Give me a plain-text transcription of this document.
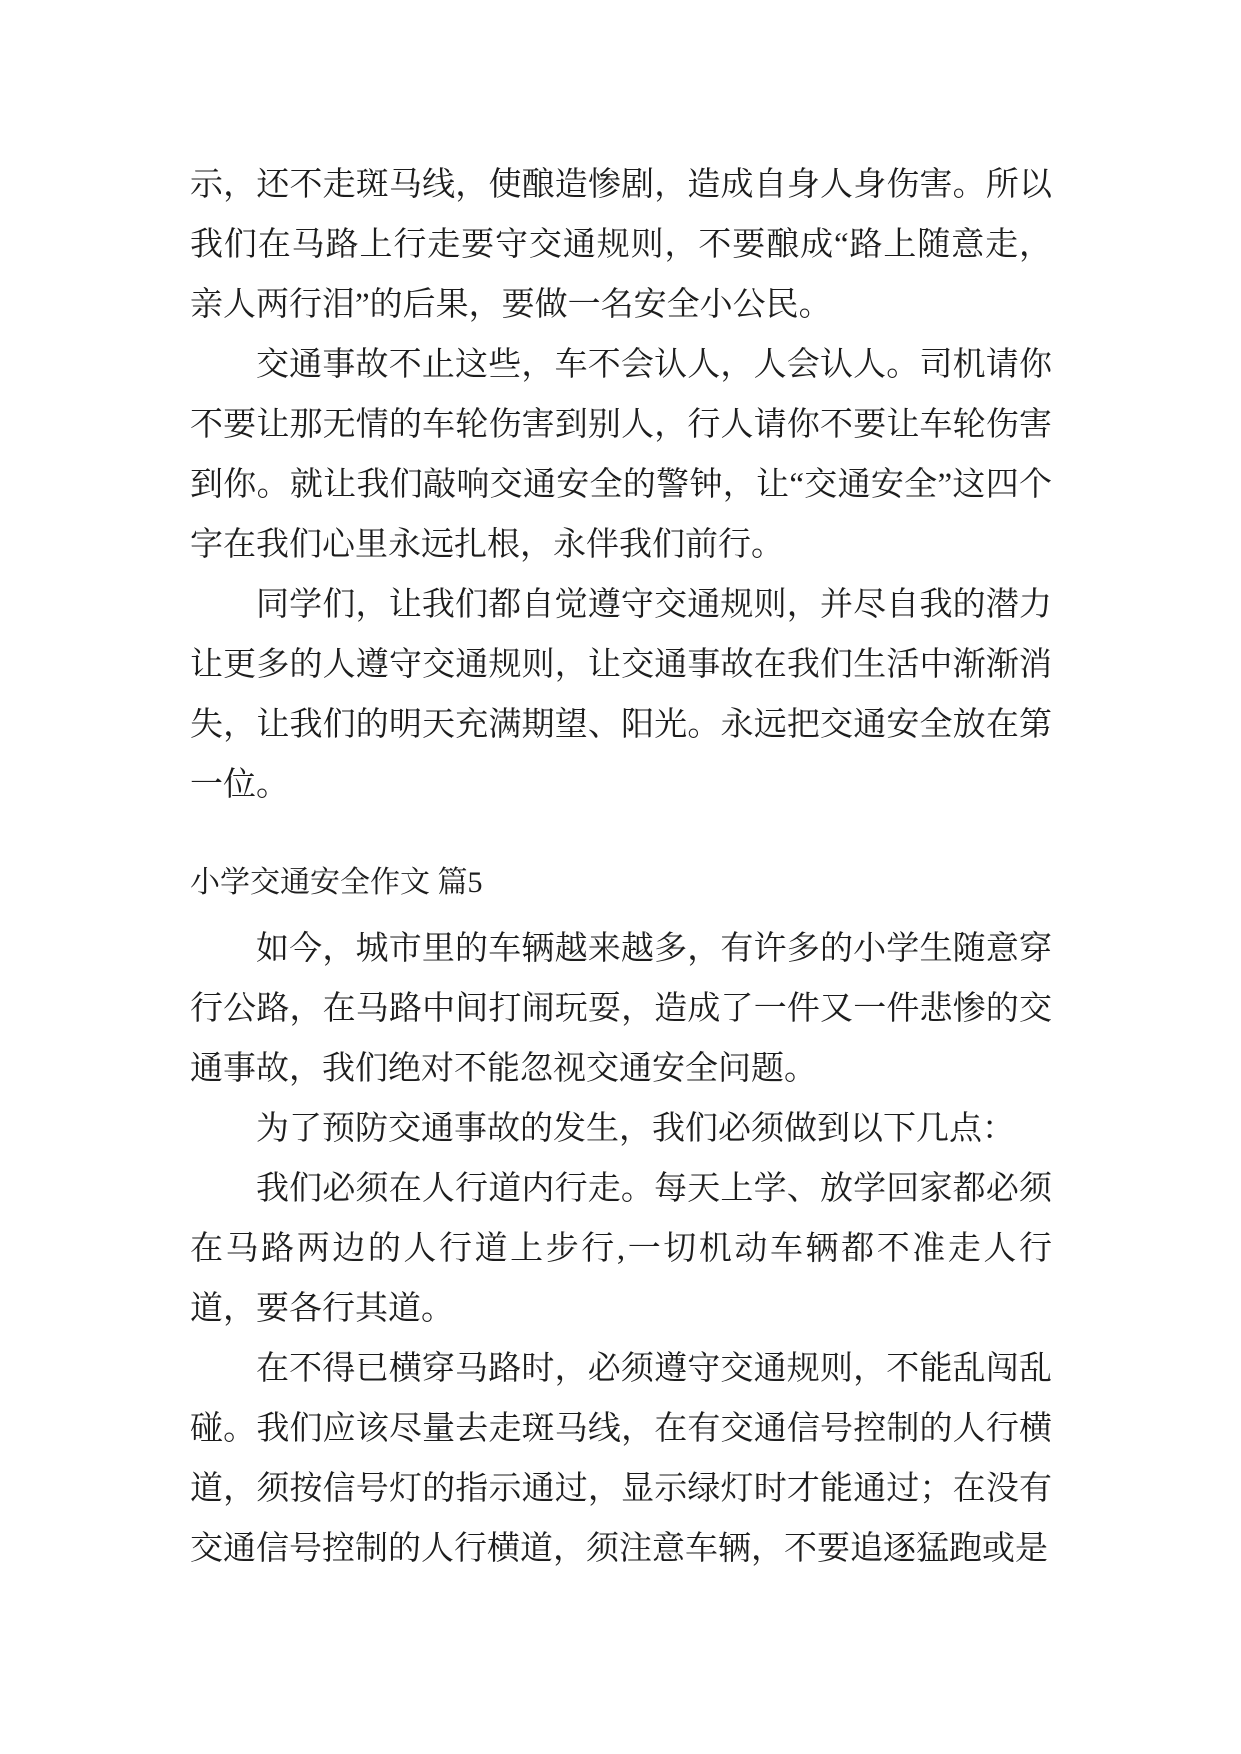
示，还不走斑马线，使酿造惨剧，造成自身人身伤害。所以我们在马路上行走要守交通规则，不要酿成“路上随意走，亲人两行泪”的后果，要做一名安全小公民。

交通事故不止这些，车不会认人，人会认人。司机请你不要让那无情的车轮伤害到别人，行人请你不要让车轮伤害到你。就让我们敲响交通安全的警钟，让“交通安全”这四个字在我们心里永远扎根，永伴我们前行。

同学们，让我们都自觉遵守交通规则，并尽自我的潜力让更多的人遵守交通规则，让交通事故在我们生活中渐渐消失，让我们的明天充满期望、阳光。永远把交通安全放在第一位。

小学交通安全作文 篇5

如今，城市里的车辆越来越多，有许多的小学生随意穿行公路，在马路中间打闹玩耍，造成了一件又一件悲惨的交通事故，我们绝对不能忽视交通安全问题。

为了预防交通事故的发生，我们必须做到以下几点：

我们必须在人行道内行走。每天上学、放学回家都必须在马路两边的人行道上步行,一切机动车辆都不准走人行道，要各行其道。

在不得已横穿马路时，必须遵守交通规则，不能乱闯乱碰。我们应该尽量去走斑马线，在有交通信号控制的人行横道，须按信号灯的指示通过，显示绿灯时才能通过；在没有交通信号控制的人行横道，须注意车辆，不要追逐猛跑或是
